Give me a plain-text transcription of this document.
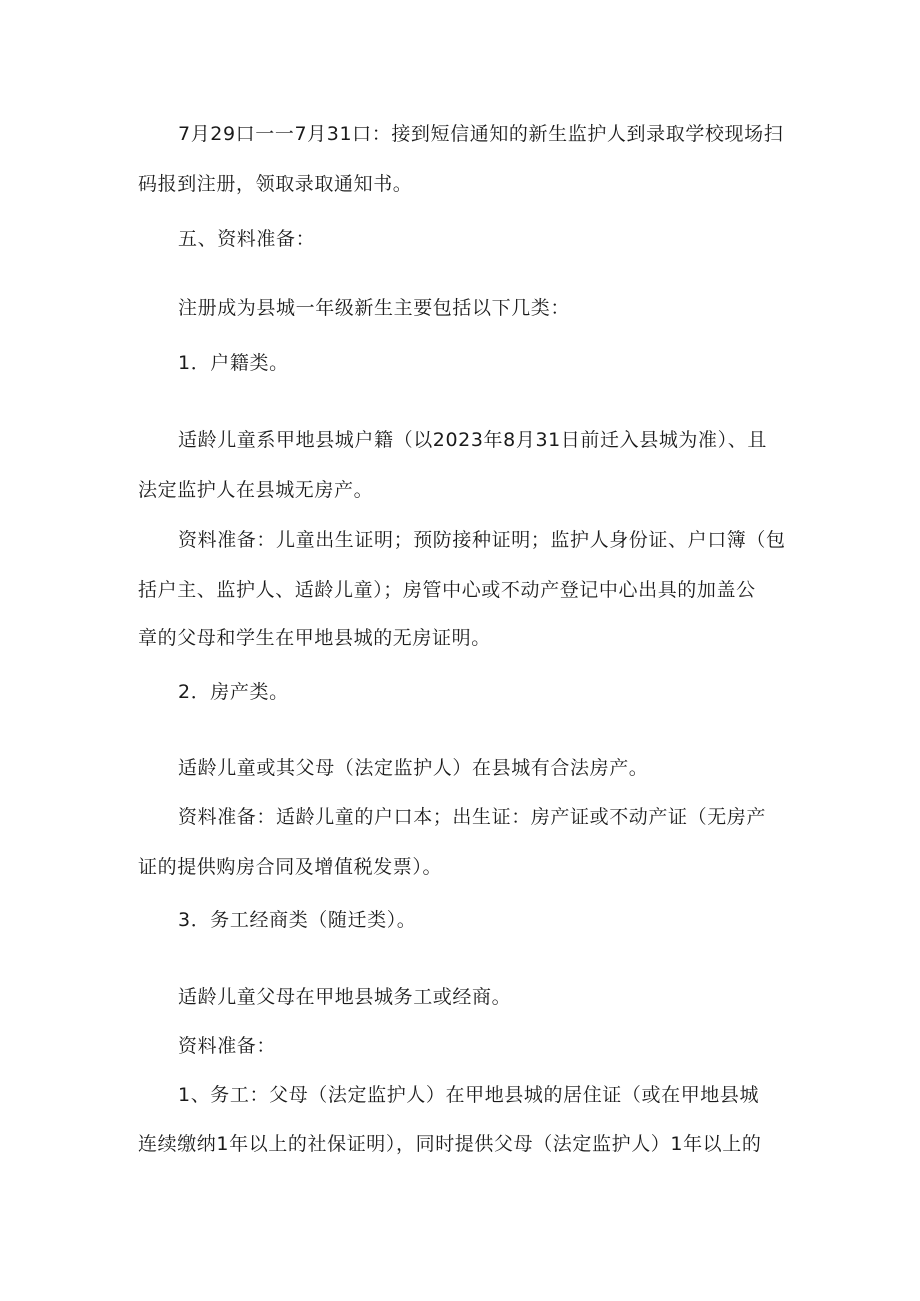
7月29口一一7月31口：接到短信通知的新生监护人到录取学校现场扫
码报到注册，领取录取通知书。
五、资料准备：
注册成为县城一年级新生主要包括以下几类：
1．户籍类。
适龄儿童系甲地县城户籍（以2023年8月31日前迁入县城为准）、且
法定监护人在县城无房产。
资料准备：儿童出生证明；预防接种证明；监护人身份证、户口簿（包
括户主、监护人、适龄儿童）；房管中心或不动产登记中心出具的加盖公
章的父母和学生在甲地县城的无房证明。
2．房产类。
适龄儿童或其父母（法定监护人）在县城有合法房产。
资料准备：适龄儿童的户口本；出生证：房产证或不动产证（无房产
证的提供购房合同及增值税发票）。
3．务工经商类（随迁类）。
适龄儿童父母在甲地县城务工或经商。
资料准备：
1、务工：父母（法定监护人）在甲地县城的居住证（或在甲地县城
连续缴纳1年以上的社保证明），同时提供父母（法定监护人）1年以上的
